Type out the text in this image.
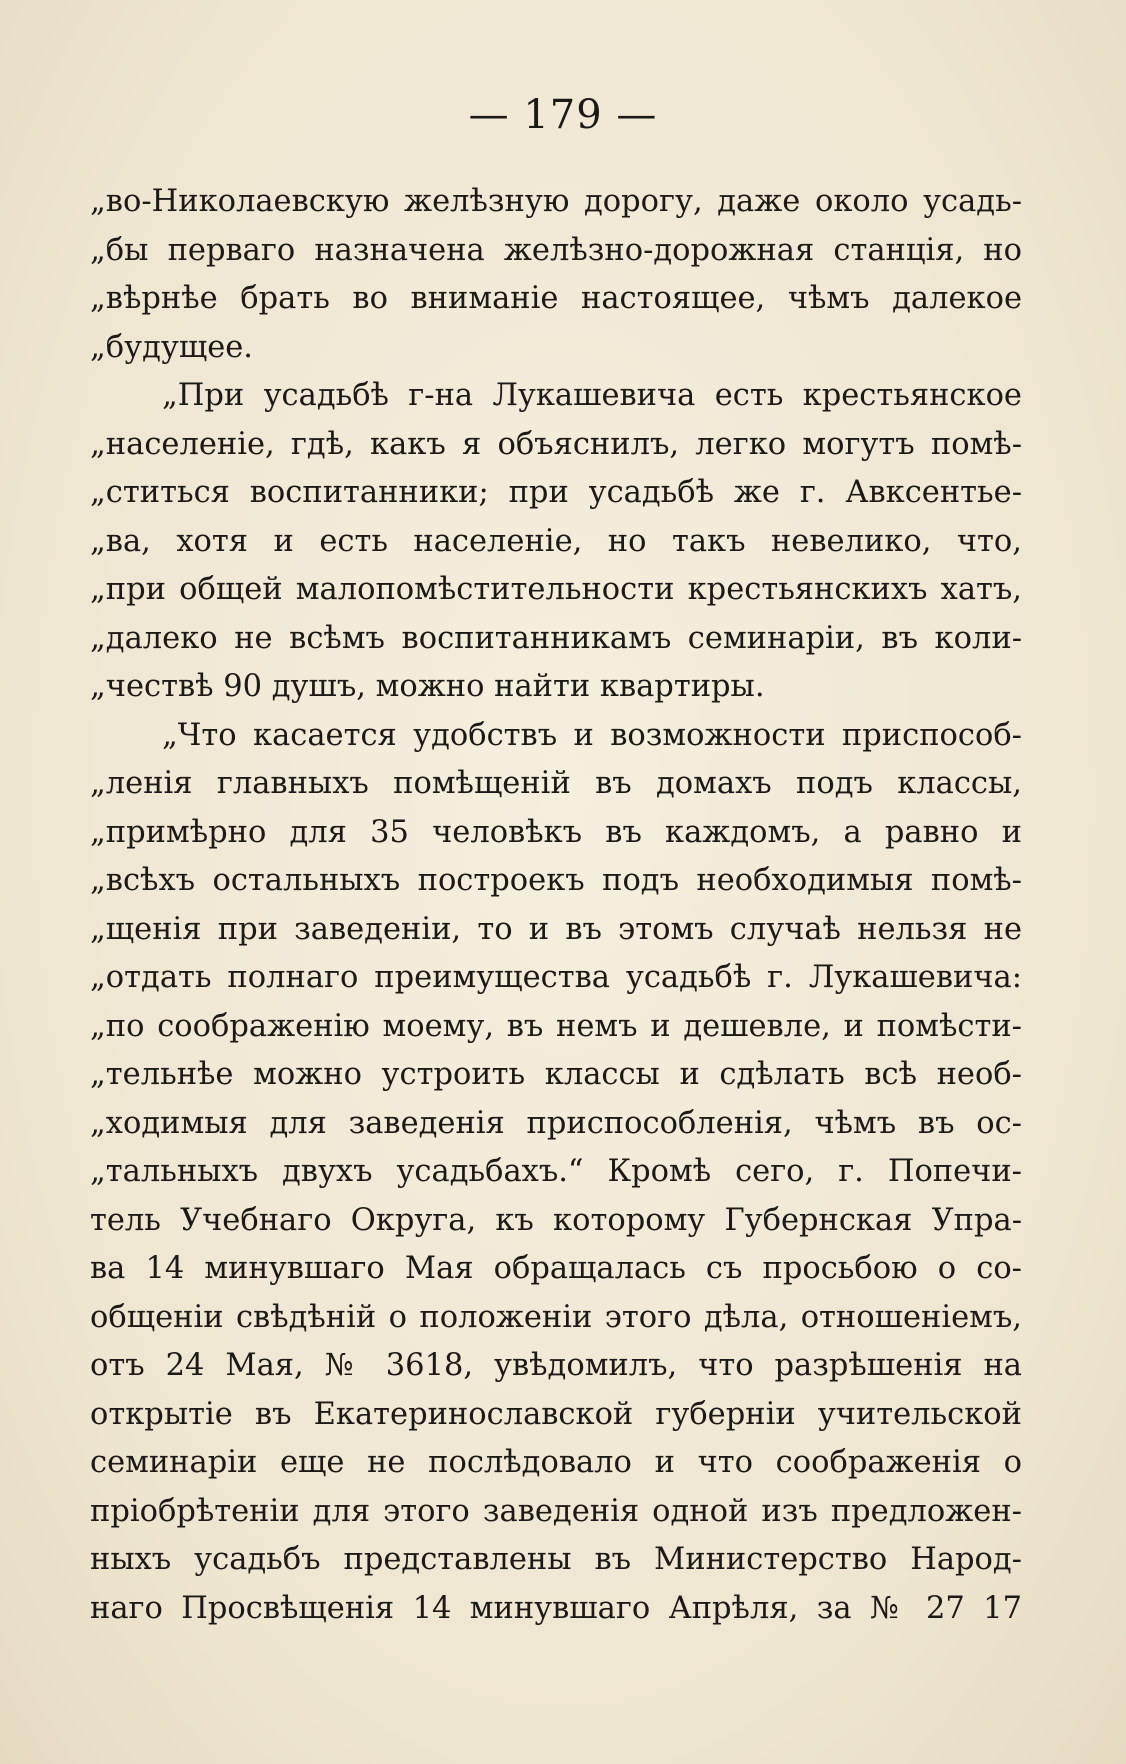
— 179 —
„во-Николаевскую желѣзную дорогу, даже около усадь-
„бы перваго назначена желѣзно-дорожная станція, но
„вѣрнѣе брать во вниманіе настоящее, чѣмъ далекое
„будущее.
„При усадьбѣ г-на Лукашевича есть крестьянское
„населеніе, гдѣ, какъ я объяснилъ, легко могутъ помѣ-
„ститься воспитанники; при усадьбѣ же г. Авксентье-
„ва, хотя и есть населеніе, но такъ невелико, что,
„при общей малопомѣстительности крестьянскихъ хатъ,
„далеко не всѣмъ воспитанникамъ семинаріи, въ коли-
„чествѣ 90 душъ, можно найти квартиры.
„Что касается удобствъ и возможности приспособ-
„ленія главныхъ помѣщеній въ домахъ подъ классы,
„примѣрно для 35 человѣкъ въ каждомъ, а равно и
„всѣхъ остальныхъ построекъ подъ необходимыя помѣ-
„щенія при заведеніи, то и въ этомъ случаѣ нельзя не
„отдать полнаго преимущества усадьбѣ г. Лукашевича:
„по соображенію моему, въ немъ и дешевле, и помѣсти-
„тельнѣе можно устроить классы и сдѣлать всѣ необ-
„ходимыя для заведенія приспособленія, чѣмъ въ ос-
„тальныхъ двухъ усадьбахъ.“ Кромѣ сего, г. Попечи-
тель Учебнаго Округа, къ которому Губернская Упра-
ва 14 минувшаго Мая обращалась съ просьбою о со-
общеніи свѣдѣній о положеніи этого дѣла, отношеніемъ,
отъ 24 Мая, № 3618, увѣдомилъ, что разрѣшенія на
открытіе въ Екатеринославской губерніи учительской
семинаріи еще не послѣдовало и что соображенія о
пріобрѣтеніи для этого заведенія одной изъ предложен-
ныхъ усадьбъ представлены въ Министерство Народ-
наго Просвѣщенія 14 минувшаго Апрѣля, за № 27 17
